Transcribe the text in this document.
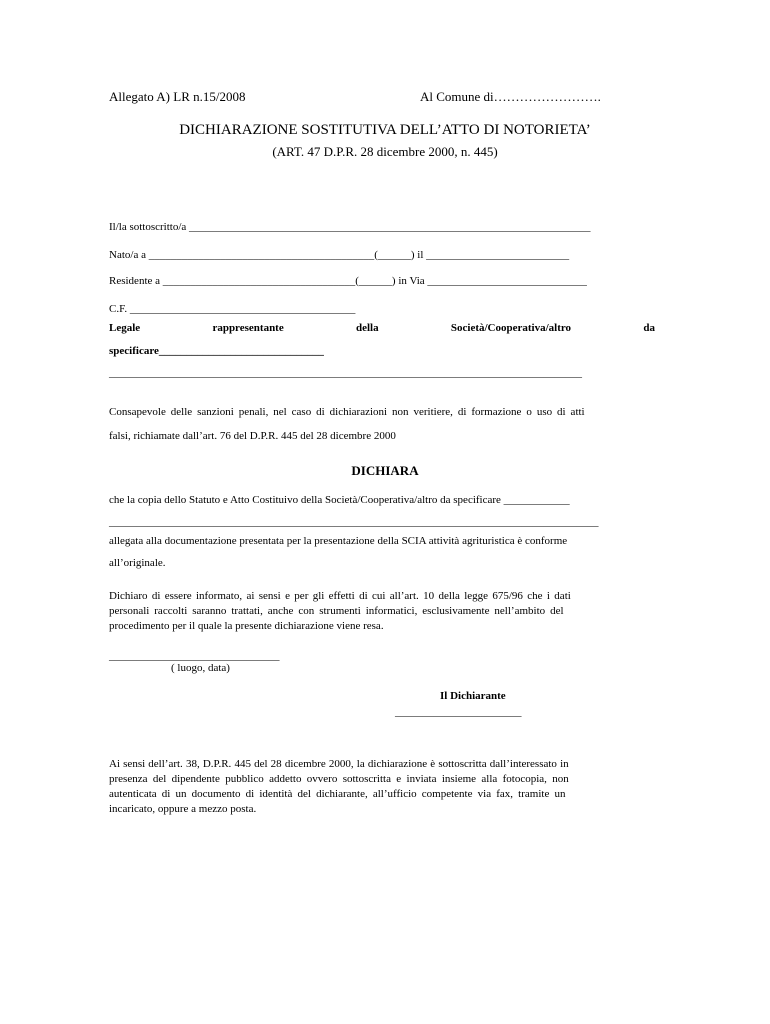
Allegato A) LR n.15/2008	Al Comune di…………………….
DICHIARAZIONE SOSTITUTIVA DELL’ATTO DI NOTORIETA’
(ART. 47 D.P.R. 28 dicembre 2000, n. 445)
Il/la sottoscritto/a _________________________________________________________________________
Nato/a a _________________________________________(______) il __________________________
Residente a ___________________________________(______) in Via _____________________________
C.F. _________________________________________
Legale	rappresentante	della	Società/Cooperativa/altro	da
specificare______________________________
______________________________________________________________________________________
Consapevole delle sanzioni penali, nel caso di dichiarazioni non veritiere, di formazione o uso di atti
falsi, richiamate dall’art. 76 del D.P.R. 445 del 28 dicembre 2000
DICHIARA
che la copia dello Statuto e Atto Costituivo della Società/Cooperativa/altro da specificare ____________
_________________________________________________________________________________________
allegata alla documentazione presentata per la presentazione della SCIA attività agrituristica è conforme
all’originale.
Dichiaro di essere informato, ai sensi e per gli effetti di cui all’art. 10 della legge 675/96 che i dati
personali raccolti saranno trattati, anche con strumenti informatici, esclusivamente nell’ambito del
procedimento per il quale la presente dichiarazione viene resa.
_______________________________
( luogo, data)
Il Dichiarante
_______________________
Ai sensi dell’art. 38, D.P.R. 445 del 28 dicembre 2000, la dichiarazione è sottoscritta dall’interessato in
presenza del dipendente pubblico addetto ovvero sottoscritta e inviata insieme alla fotocopia, non
autenticata di un documento di identità del dichiarante, all’ufficio competente via fax, tramite un
incaricato, oppure a mezzo posta.
